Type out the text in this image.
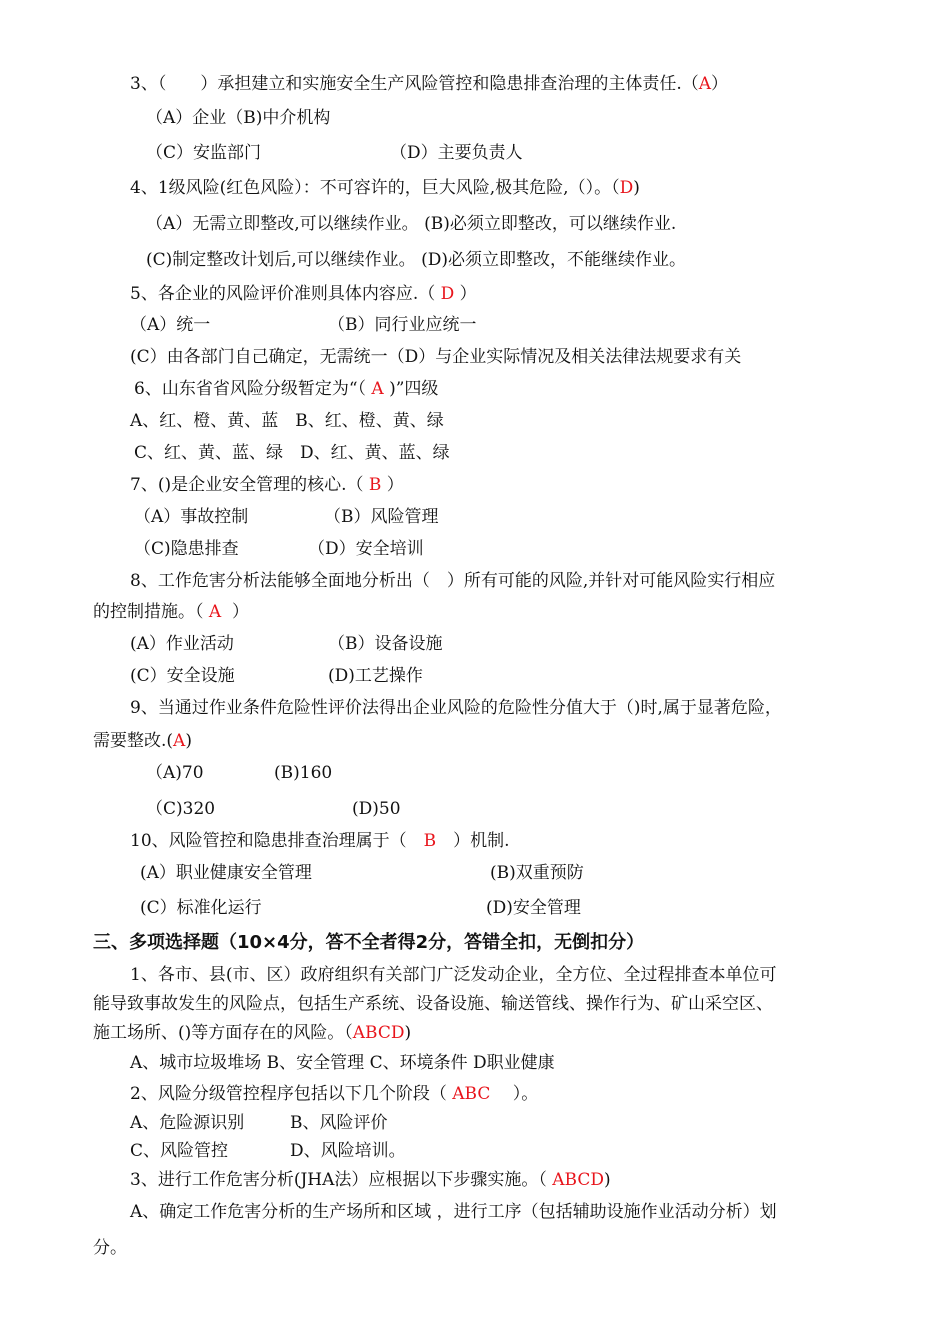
3、（　　）承担建立和实施安全生产风险管控和隐患排查治理的主体责任.（A）
（A）企业（B)中介机构
（C）安监部门	（D）主要负责人
4、1级风险(红色风险）：不可容许的，巨大风险,极其危险,（）。（D)
（A）无需立即整改,可以继续作业。 (B)必须立即整改，可以继续作业.
(C)制定整改计划后,可以继续作业。 (D)必须立即整改，不能继续作业。
5、各企业的风险评价准则具体内容应.（ D ）
（A）统一	（B）同行业应统一
(C）由各部门自己确定，无需统一（D）与企业实际情况及相关法律法规要求有关
6、山东省省风险分级暂定为“（ A )”四级
A、红、橙、黄、蓝　B、红、橙、黄、绿
C、红、黄、蓝、绿　D、红、黄、蓝、绿
7、()是企业安全管理的核心.（ B ）
（A）事故控制	（B）风险管理
（C)隐患排查	（D）安全培训
8、工作危害分析法能够全面地分析出（　）所有可能的风险,并针对可能风险实行相应
的控制措施。（ A  ）
(A）作业活动	（B）设备设施
(C）安全设施	(D)工艺操作
9、当通过作业条件危险性评价法得出企业风险的危险性分值大于（)时,属于显著危险，
需要整改.(A)
（A)70	(B)160
（C)320	(D)50
10、风险管控和隐患排查治理属于（　B　）机制.
(A）职业健康安全管理	(B)双重预防
(C）标准化运行	(D)安全管理
三、多项选择题（10×4分，答不全者得2分，答错全扣，无倒扣分）
1、各市、县(市、区）政府组织有关部门广泛发动企业，全方位、全过程排查本单位可
能导致事故发生的风险点，包括生产系统、设备设施、输送管线、操作行为、矿山采空区、
施工场所、()等方面存在的风险。（ABCD)
A、城市垃圾堆场 B、安全管理 C、环境条件 D职业健康
2、风险分级管控程序包括以下几个阶段（ ABC　 ）。
A、危险源识别	B、风险评价
C、风险管控	D、风险培训。
3、进行工作危害分析(JHA法）应根据以下步骤实施。（ ABCD)
A、确定工作危害分析的生产场所和区域 ，进行工序（包括辅助设施作业活动分析）划
分。
